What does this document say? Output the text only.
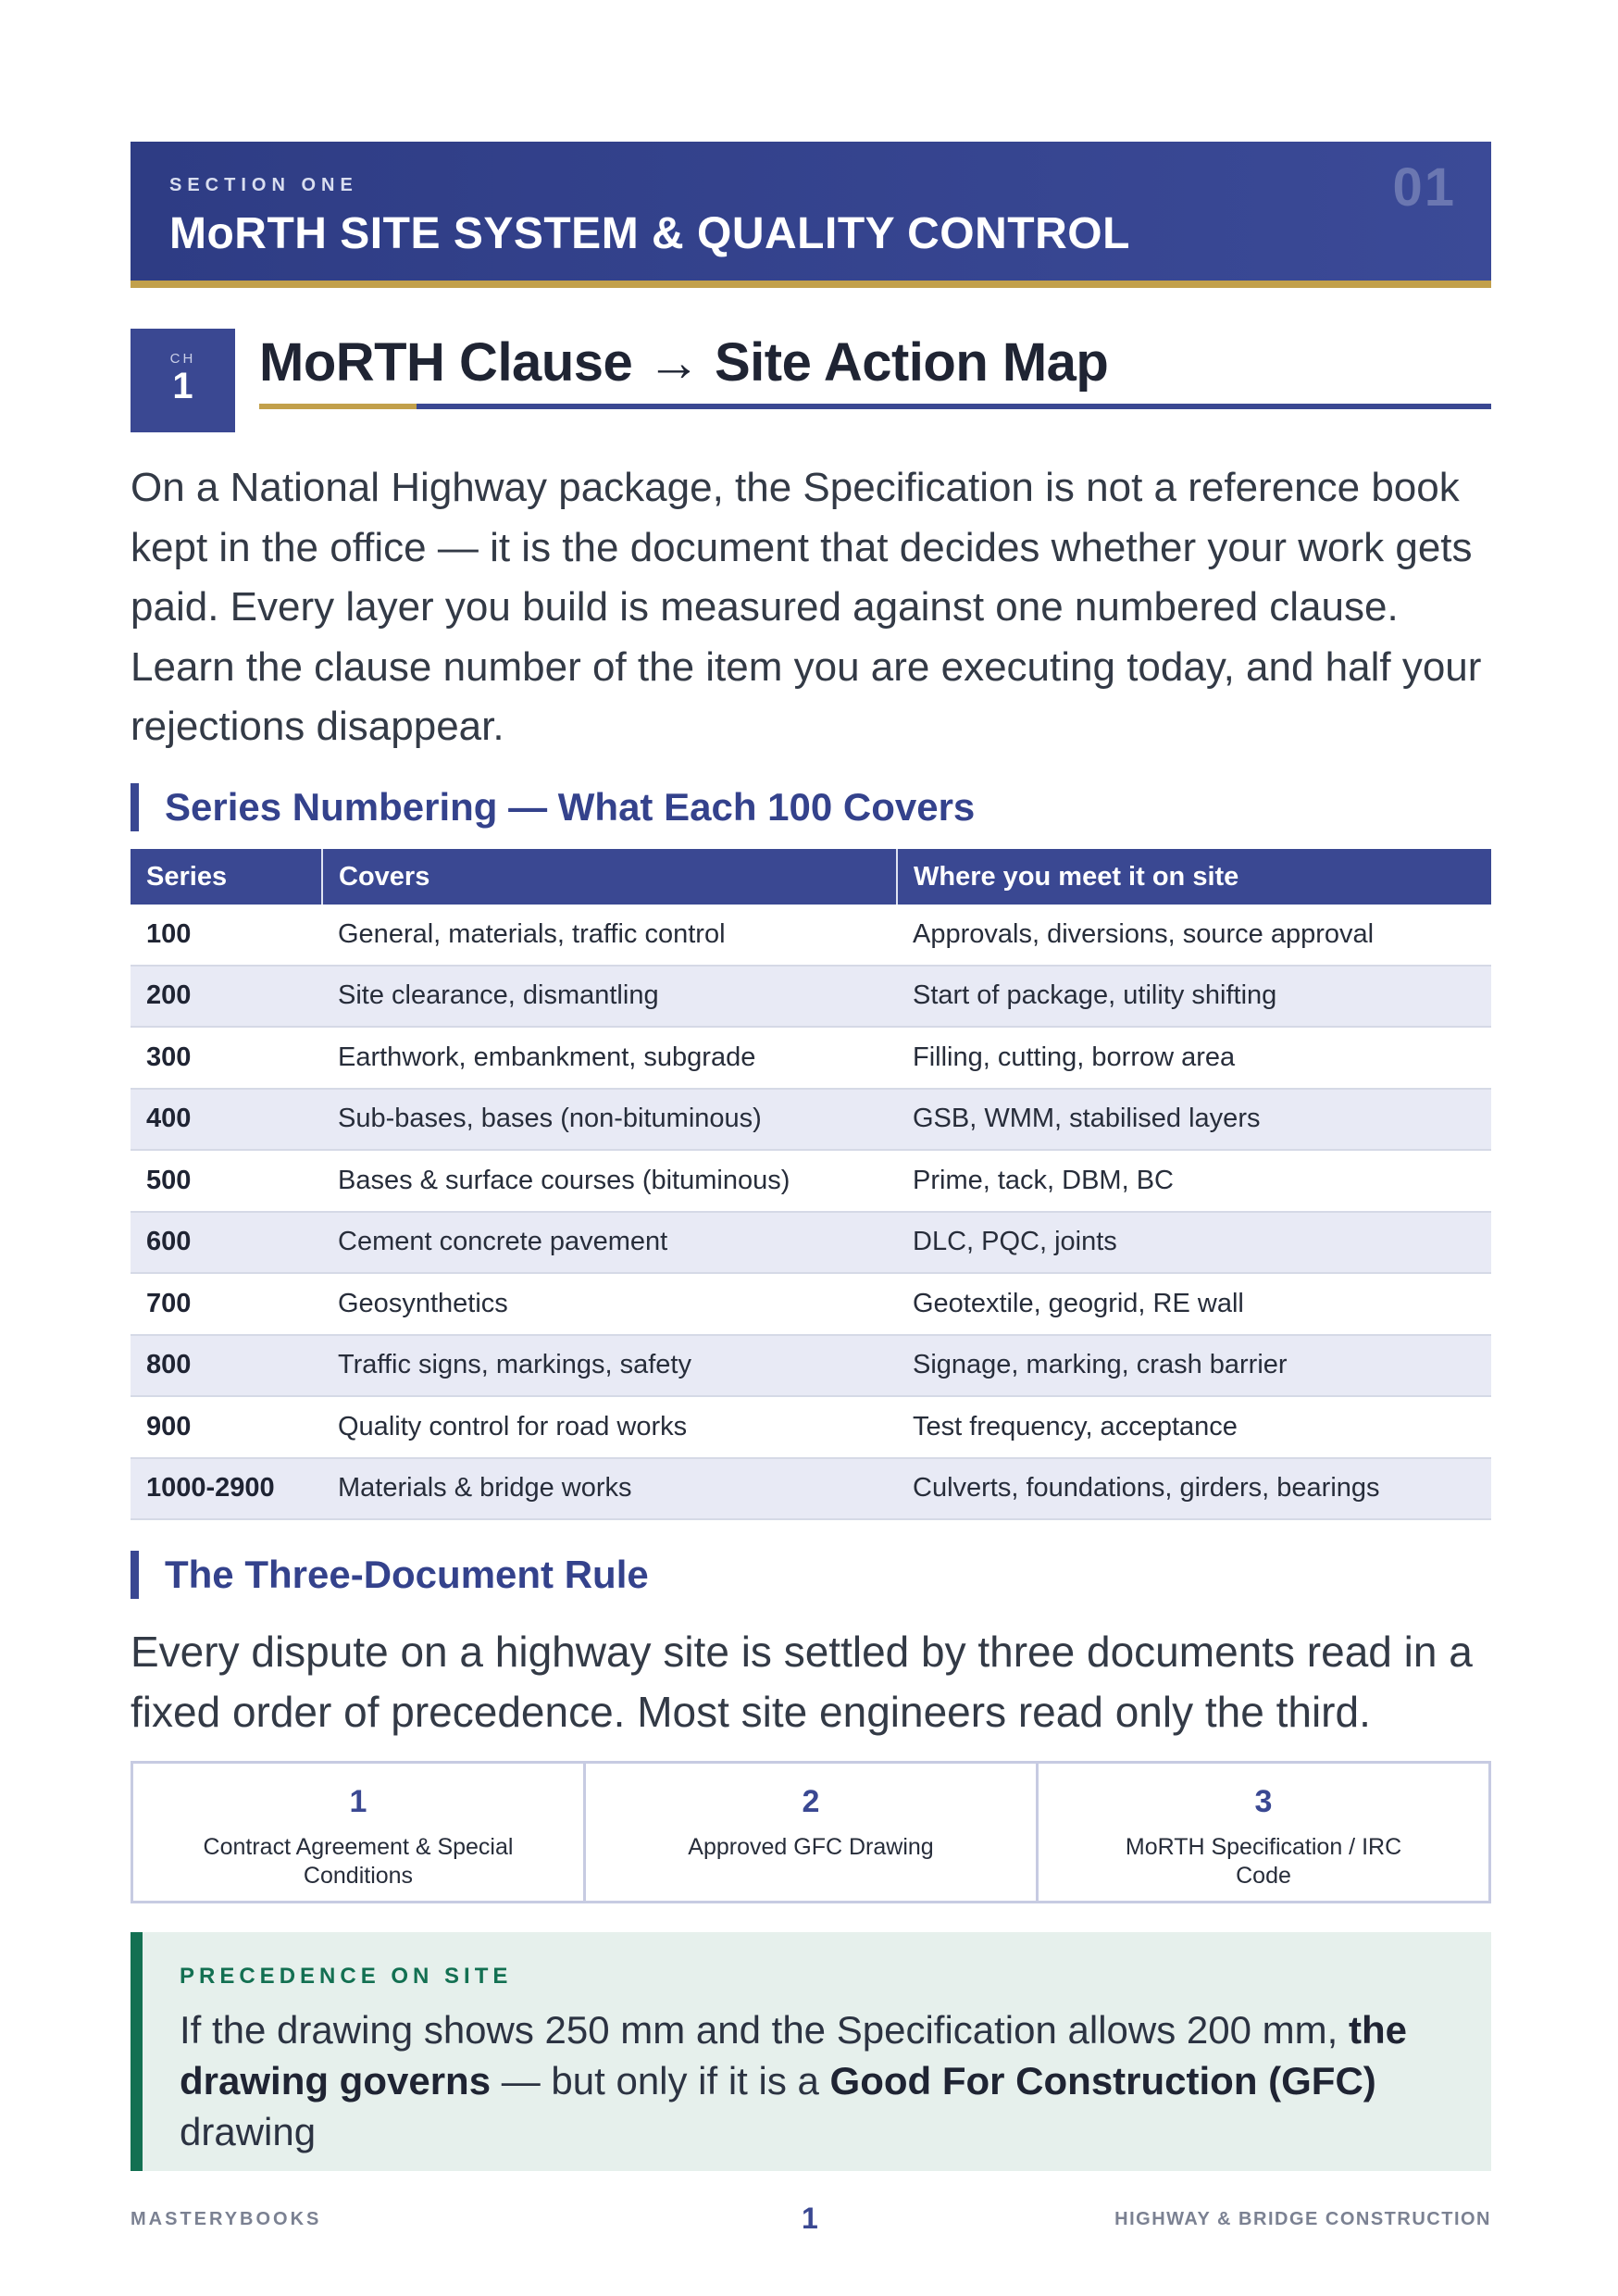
SECTION ONE
MoRTH SITE SYSTEM & QUALITY CONTROL
01
CH
1	MoRTH Clause → Site Action Map
On a National Highway package, the Specification is not a reference book kept in the office — it is the document that decides whether your work gets paid. Every layer you build is measured against one numbered clause. Learn the clause number of the item you are executing today, and half your rejections disappear.
Series Numbering — What Each 100 Covers
Series	Covers	Where you meet it on site
100	General, materials, traffic control	Approvals, diversions, source approval
200	Site clearance, dismantling	Start of package, utility shifting
300	Earthwork, embankment, subgrade	Filling, cutting, borrow area
400	Sub-bases, bases (non-bituminous)	GSB, WMM, stabilised layers
500	Bases & surface courses (bituminous)	Prime, tack, DBM, BC
600	Cement concrete pavement	DLC, PQC, joints
700	Geosynthetics	Geotextile, geogrid, RE wall
800	Traffic signs, markings, safety	Signage, marking, crash barrier
900	Quality control for road works	Test frequency, acceptance
1000-2900	Materials & bridge works	Culverts, foundations, girders, bearings
The Three-Document Rule
Every dispute on a highway site is settled by three documents read in a fixed order of precedence. Most site engineers read only the third.
1
Contract Agreement & Special Conditions
2
Approved GFC Drawing
3
MoRTH Specification / IRC Code
PRECEDENCE ON SITE
If the drawing shows 250 mm and the Specification allows 200 mm, the drawing governs — but only if it is a Good For Construction (GFC) drawing
MASTERYBOOKS	1	HIGHWAY & BRIDGE CONSTRUCTION
